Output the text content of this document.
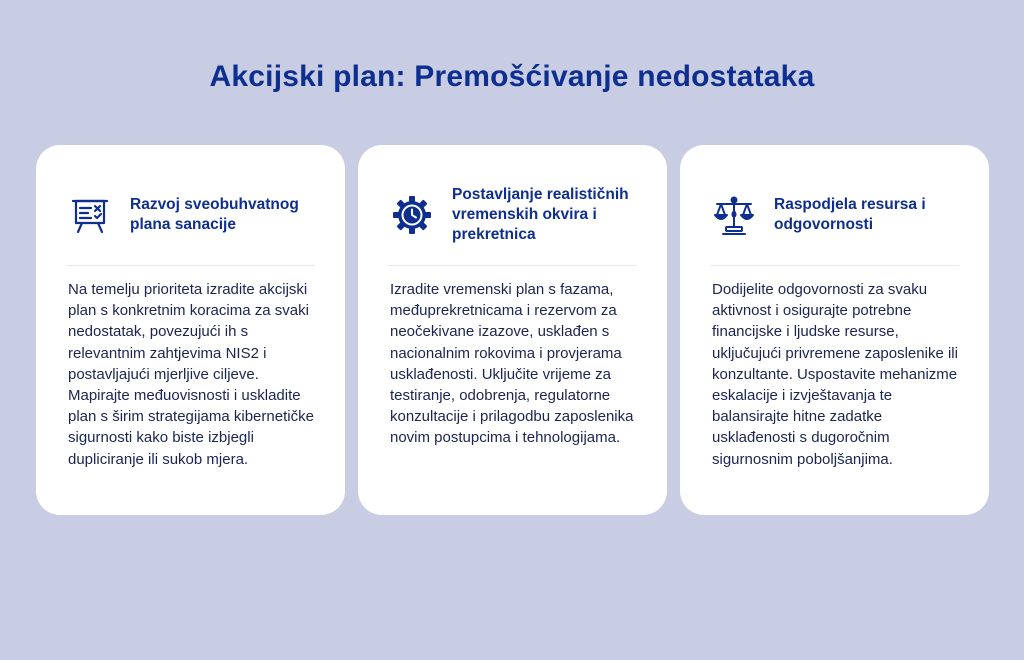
Akcijski plan: Premošćivanje nedostataka
Razvoj sveobuhvatnog plana sanacije

Na temelju prioriteta izradite akcijski plan s konkretnim koracima za svaki nedostatak, povezujući ih s relevantnim zahtjevima NIS2 i postavljajući mjerljive ciljeve. Mapirajte međuovisnosti i uskladite plan s širim strategijama kibernetičke sigurnosti kako biste izbjegli dupliciranje ili sukob mjera.

Postavljanje realističnih vremenskih okvira i prekretnica

Izradite vremenski plan s fazama, međuprekretnicama i rezervom za neočekivane izazove, usklađen s nacionalnim rokovima i provjerama usklađenosti. Uključite vrijeme za testiranje, odobrenja, regulatorne konzultacije i prilagodbu zaposlenika novim postupcima i tehnologijama.

Raspodjela resursa i odgovornosti

Dodijelite odgovornosti za svaku aktivnost i osigurajte potrebne financijske i ljudske resurse, uključujući privremene zaposlenike ili konzultante. Uspostavite mehanizme eskalacije i izvještavanja te balansirajte hitne zadatke usklađenosti s dugoročnim sigurnosnim poboljšanjima.
